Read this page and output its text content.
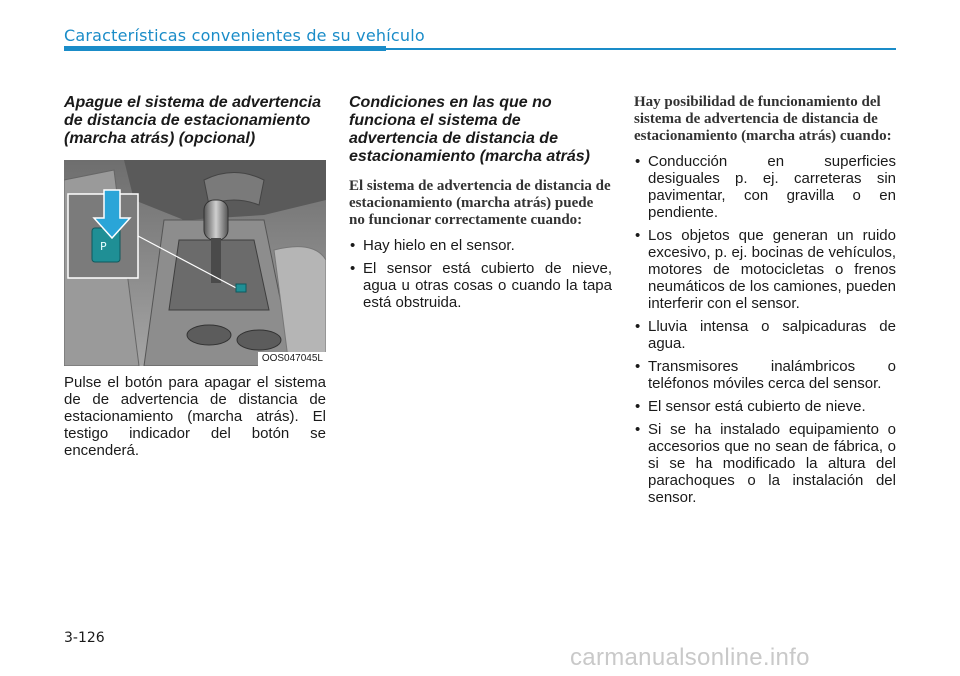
Características convenientes de su vehículo

Apague el sistema de advertencia de distancia de estacionamiento (marcha atrás) (opcional)

P
OOS047045L

Pulse el botón para apagar el sistema de de advertencia de distancia de estacionamiento (marcha atrás). El testigo indicador del botón se encenderá.

Condiciones en las que no funciona el sistema de advertencia de distancia de estacionamiento (marcha atrás)

El sistema de advertencia de distancia de estacionamiento (marcha atrás) puede no funcionar correctamente cuando:

• Hay hielo en el sensor.
• El sensor está cubierto de nieve, agua u otras cosas o cuando la tapa está obstruida.

Hay posibilidad de funcionamiento del sistema de advertencia de distancia de estacionamiento (marcha atrás) cuando:

• Conducción en superficies desiguales p. ej. carreteras sin pavimentar, con gravilla o en pendiente.
• Los objetos que generan un ruido excesivo, p. ej. bocinas de vehículos, motores de motocicletas o frenos neumáticos de los camiones, pueden interferir con el sensor.
• Lluvia intensa o salpicaduras de agua.
• Transmisores inalámbricos o teléfonos móviles cerca del sensor.
• El sensor está cubierto de nieve.
• Si se ha instalado equipamiento o accesorios que no sean de fábrica, o si se ha modificado la altura del parachoques o la instalación del sensor.
3-126
carmanualsonline.info
